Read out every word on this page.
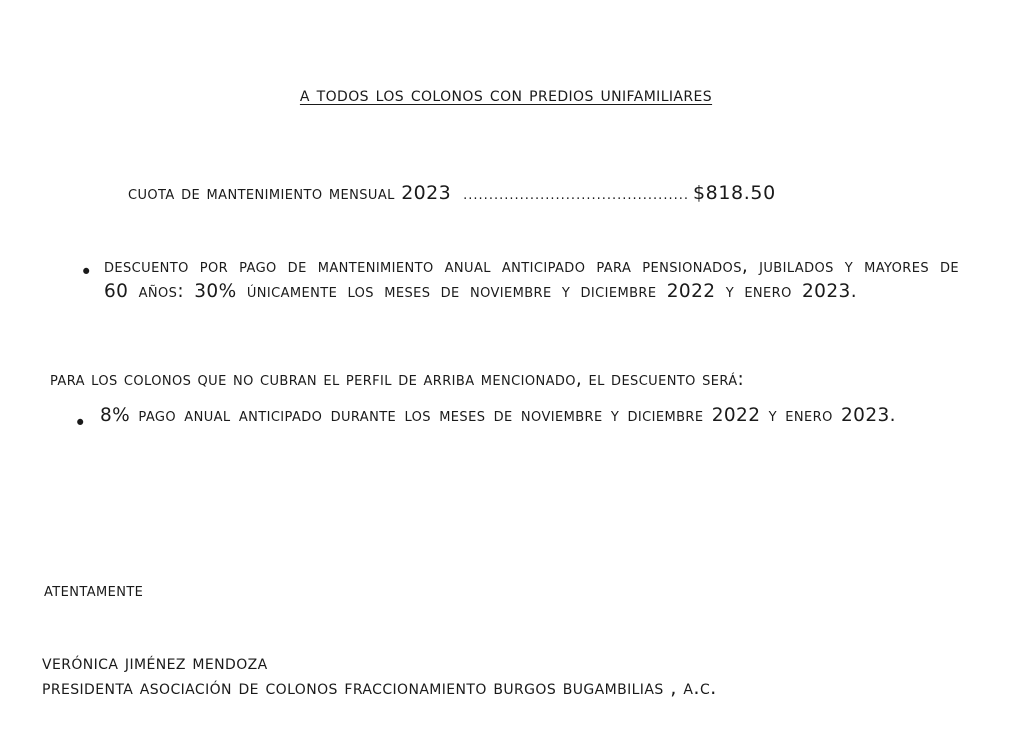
a todos los colonos con predios unifamiliares
cuota de mantenimiento mensual 2023 ............................................ $818.50
• descuento por pago de mantenimiento anual anticipado para pensionados, jubilados y mayores de 60 años: 30% únicamente los meses de noviembre y diciembre 2022 y enero 2023.
para los colonos que no cubran el perfil de arriba mencionado, el descuento será:
• 8% pago anual anticipado durante los meses de noviembre y diciembre 2022 y enero 2023.
atentamente
verónica jiménez mendoza
presidenta asociación de colonos fraccionamiento burgos bugambilias , a.c.
